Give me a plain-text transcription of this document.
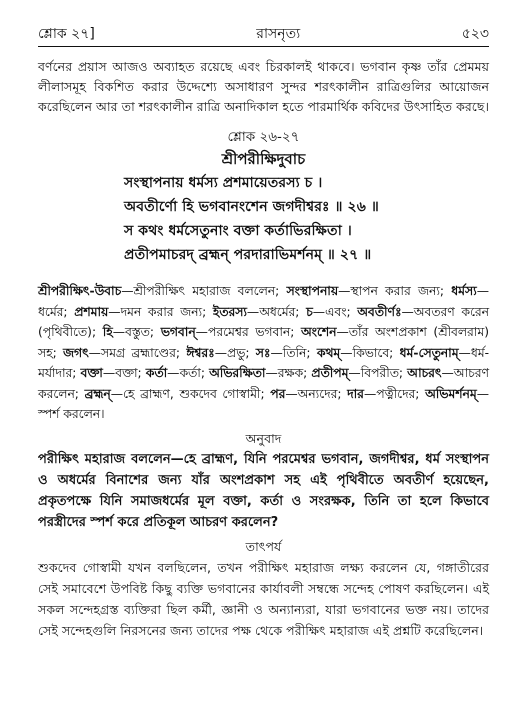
শ্লোক ২৭]	রাসনৃত্য	৫২৩

বর্ণনের প্রয়াস আজও অব্যাহত রয়েছে এবং চিরকালই থাকবে। ভগবান কৃষ্ণ তাঁর প্রেমময় লীলাসমূহ বিকশিত করার উদ্দেশ্যে অসাধারণ সুন্দর শরৎকালীন রাত্রিগুলির আয়োজন করেছিলেন আর তা শরৎকালীন রাত্রি অনাদিকাল হতে পারমার্থিক কবিদের উৎসাহিত করছে।

শ্লোক ২৬-২৭
শ্রীপরীক্ষিদুবাচ
সংস্থাপনায় ধর্মস্য প্রশমায়েতরস্য চ ।
অবতীর্ণো হি ভগবানংশেন জগদীশ্বরঃ ॥ ২৬ ॥
স কথং ধর্মসেতুনাং বক্তা কর্তাভিরক্ষিতা ।
প্রতীপমাচরদ্ ব্রহ্মন্ পরদারাভিমর্শনম্ ॥ ২৭ ॥

শ্রীপরীক্ষিৎ-উবাচ—শ্রীপরীক্ষিৎ মহারাজ বললেন; সংস্থাপনায়—স্থাপন করার জন্য; ধর্মস্য—ধর্মের; প্রশমায়—দমন করার জন্য; ইতরস্য—অধর্মের; চ—এবং; অবতীর্ণঃ—অবতরণ করেন (পৃথিবীতে); হি—বস্তুত; ভগবান্—পরমেশ্বর ভগবান; অংশেন—তাঁর অংশপ্রকাশ (শ্রীবলরাম) সহ; জগৎ—সমগ্র ব্রহ্মাণ্ডের; ঈশ্বরঃ—প্রভু; সঃ—তিনি; কথম্—কিভাবে; ধর্ম-সেতুনাম্—ধর্ম-মর্যাদার; বক্তা—বক্তা; কর্তা—কর্তা; অভিরক্ষিতা—রক্ষক; প্রতীপম্—বিপরীত; আচরৎ—আচরণ করলেন; ব্রহ্মন্—হে ব্রাহ্মণ, শুকদেব গোস্বামী; পর—অন্যদের; দার—পত্নীদের; অভিমর্শনম্—স্পর্শ করলেন।

অনুবাদ

পরীক্ষিৎ মহারাজ বললেন—হে ব্রাহ্মণ, যিনি পরমেশ্বর ভগবান, জগদীশ্বর, ধর্ম সংস্থাপন ও অধর্মের বিনাশের জন্য যাঁর অংশপ্রকাশ সহ এই পৃথিবীতে অবতীর্ণ হয়েছেন, প্রকৃতপক্ষে যিনি সমাজধর্মের মূল বক্তা, কর্তা ও সংরক্ষক, তিনি তা হলে কিভাবে পরস্ত্রীদের স্পর্শ করে প্রতিকূল আচরণ করলেন?

তাৎপর্য

শুকদেব গোস্বামী যখন বলছিলেন, তখন পরীক্ষিৎ মহারাজ লক্ষ্য করলেন যে, গঙ্গাতীরের সেই সমাবেশে উপবিষ্ট কিছু ব্যক্তি ভগবানের কার্যাবলী সম্বন্ধে সন্দেহ পোষণ করছিলেন। এই সকল সন্দেহগ্রস্ত ব্যক্তিরা ছিল কর্মী, জ্ঞানী ও অন্যান্যরা, যারা ভগবানের ভক্ত নয়। তাদের সেই সন্দেহগুলি নিরসনের জন্য তাদের পক্ষ থেকে পরীক্ষিৎ মহারাজ এই প্রশ্নটি করেছিলেন।
